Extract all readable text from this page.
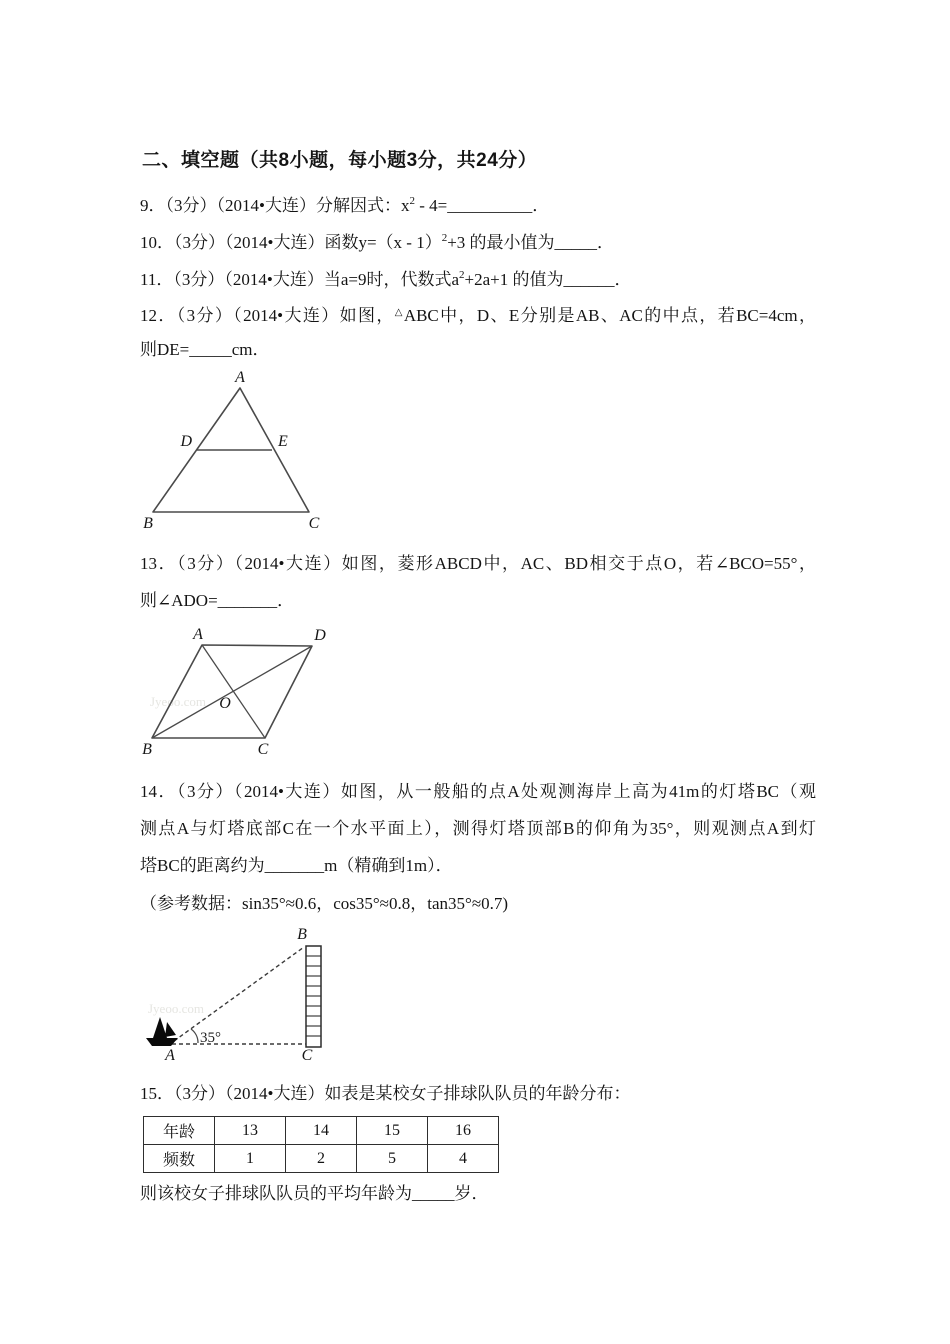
二、填空题（共8小题，每小题3分，共24分）
9．（3分）（2014•大连）分解因式：$x^2$ - 4=__________．
10．（3分）（2014•大连）函数y=（x - 1）$^2$+3 的最小值为_____．
11．（3分）（2014•大连）当a=9时，代数式$a^2+2a+1$ 的值为______．
12．（3分）（2014•大连）如图，△ABC中，D、E分别是AB、AC的中点，若BC=4cm，
则DE=_____cm．
A
B	C
D	E
13．（3分）（2014•大连）如图，菱形ABCD中，AC、BD相交于点O，若∠BCO=55°，
则∠ADO=_______．
Jyeoo.com
A	D
B	C
O
14．（3分）（2014•大连）如图，从一般船的点A处观测海岸上高为41m的灯塔BC（观
测点A与灯塔底部C在一个水平面上），测得灯塔顶部B的仰角为35°，则观测点A到灯
塔BC的距离约为_______m（精确到1m）．
（参考数据：sin35°≈0.6，cos35°≈0.8，tan35°≈0.7)
Jyeoo.com
35°
B
C
A
15．（3分）（2014•大连）如表是某校女子排球队队员的年龄分布：
年龄	13	14	15	16
频数	1	2	5	4
则该校女子排球队队员的平均年龄为_____岁．
